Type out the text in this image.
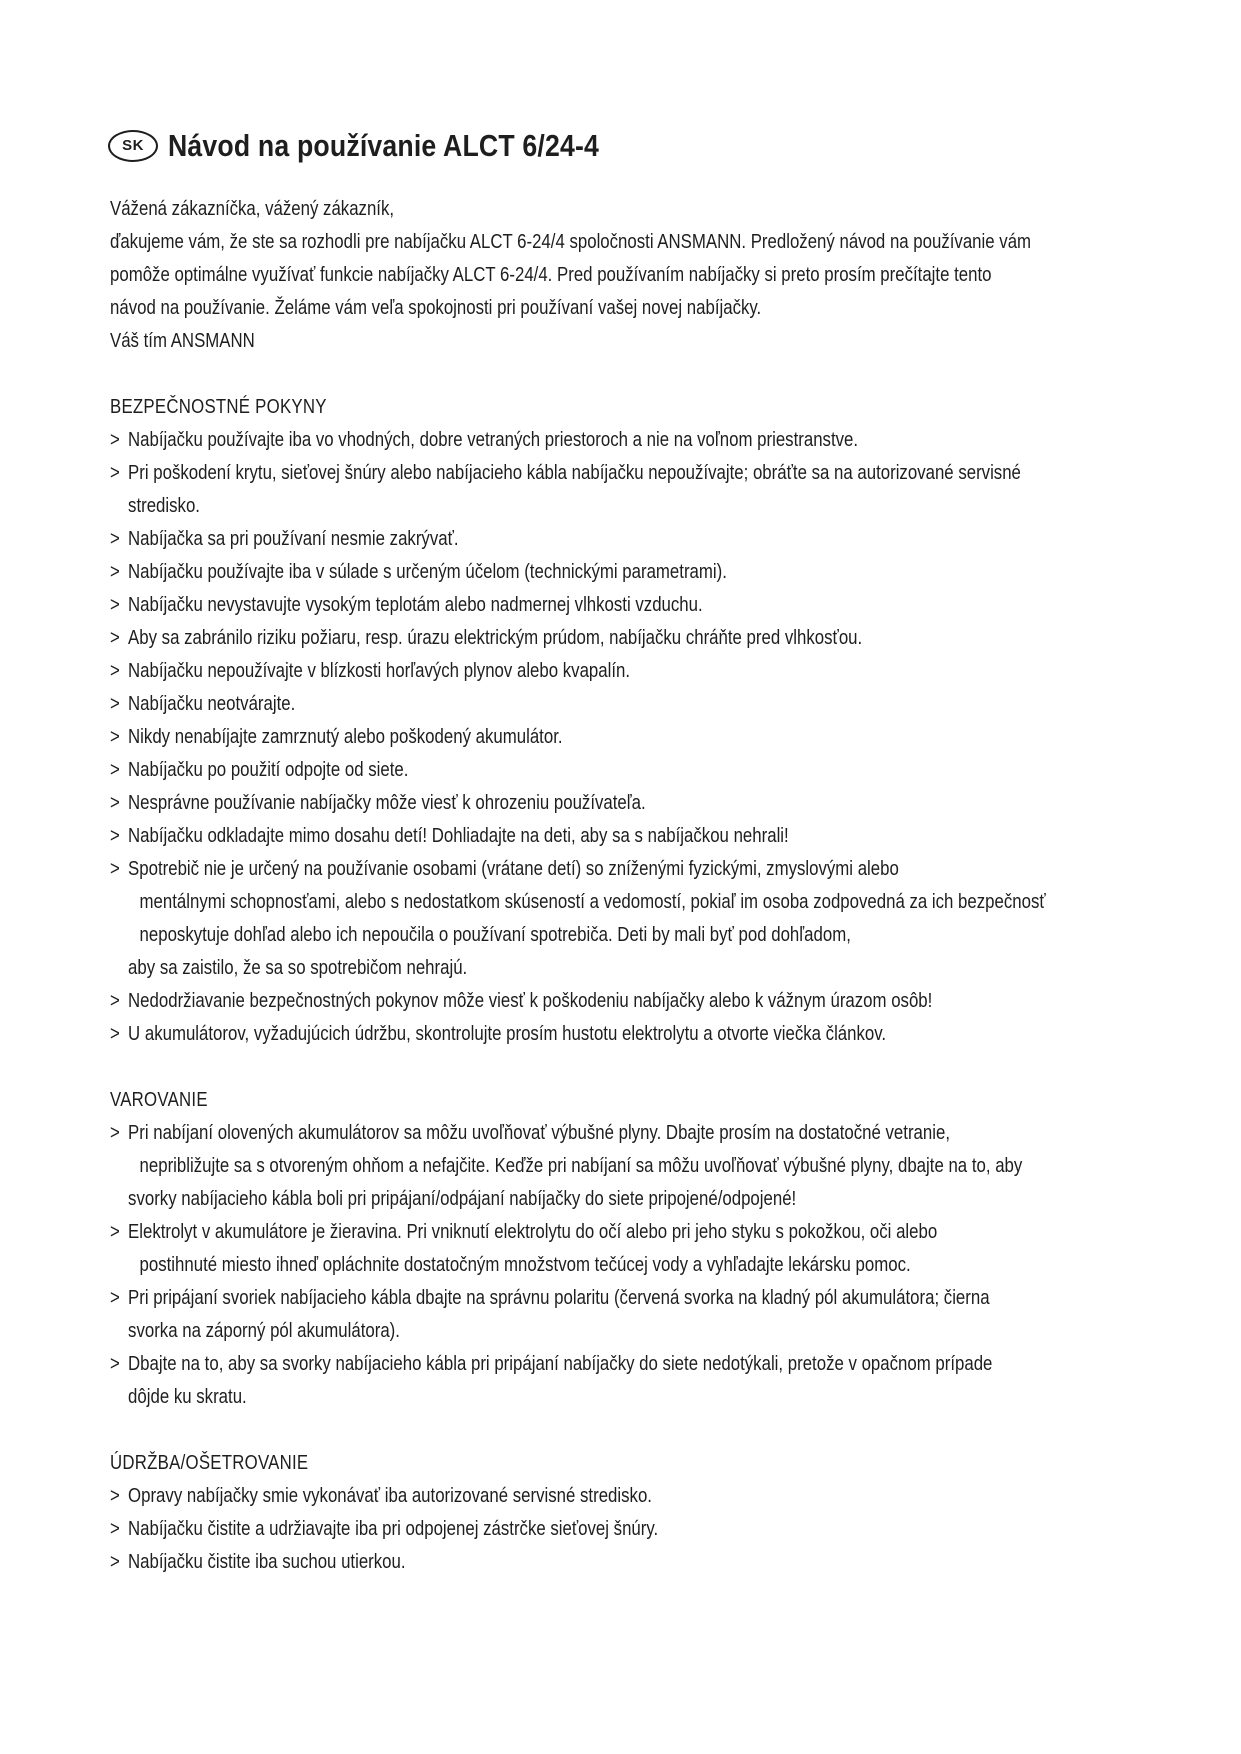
SK Návod na používanie ALCT 6/24-4
Vážená zákazníčka, vážený zákazník,
ďakujeme vám, že ste sa rozhodli pre nabíjačku ALCT 6-24/4 spoločnosti ANSMANN. Predložený návod na používanie vám
pomôže optimálne využívať funkcie nabíjačky ALCT 6-24/4. Pred používaním nabíjačky si preto prosím prečítajte tento
návod na používanie. Želáme vám veľa spokojnosti pri používaní vašej novej nabíjačky.
Váš tím ANSMANN
BEZPEČNOSTNÉ POKYNY
> Nabíjačku používajte iba vo vhodných, dobre vetraných priestoroch a nie na voľnom priestranstve.
> Pri poškodení krytu, sieťovej šnúry alebo nabíjacieho kábla nabíjačku nepoužívajte; obráťte sa na autorizované servisné
stredisko.
> Nabíjačka sa pri používaní nesmie zakrývať.
> Nabíjačku používajte iba v súlade s určeným účelom (technickými parametrami).
> Nabíjačku nevystavujte vysokým teplotám alebo nadmernej vlhkosti vzduchu.
> Aby sa zabránilo riziku požiaru, resp. úrazu elektrickým prúdom, nabíjačku chráňte pred vlhkosťou.
> Nabíjačku nepoužívajte v blízkosti horľavých plynov alebo kvapalín.
> Nabíjačku neotvárajte.
> Nikdy nenabíjajte zamrznutý alebo poškodený akumulátor.
> Nabíjačku po použití odpojte od siete.
> Nesprávne používanie nabíjačky môže viesť k ohrozeniu používateľa.
> Nabíjačku odkladajte mimo dosahu detí! Dohliadajte na deti, aby sa s nabíjačkou nehrali!
> Spotrebič nie je určený na používanie osobami (vrátane detí) so zníženými fyzickými, zmyslovými alebo
mentálnymi schopnosťami, alebo s nedostatkom skúseností a vedomostí, pokiaľ im osoba zodpovedná za ich bezpečnosť
neposkytuje dohľad alebo ich nepoučila o používaní spotrebiča. Deti by mali byť pod dohľadom,
aby sa zaistilo, že sa so spotrebičom nehrajú.
> Nedodržiavanie bezpečnostných pokynov môže viesť k poškodeniu nabíjačky alebo k vážnym úrazom osôb!
> U akumulátorov, vyžadujúcich údržbu, skontrolujte prosím hustotu elektrolytu a otvorte viečka článkov.
VAROVANIE
> Pri nabíjaní olovených akumulátorov sa môžu uvoľňovať výbušné plyny. Dbajte prosím na dostatočné vetranie,
nepribližujte sa s otvoreným ohňom a nefajčite. Keďže pri nabíjaní sa môžu uvoľňovať výbušné plyny, dbajte na to, aby
svorky nabíjacieho kábla boli pri pripájaní/odpájaní nabíjačky do siete pripojené/odpojené!
> Elektrolyt v akumulátore je žieravina. Pri vniknutí elektrolytu do očí alebo pri jeho styku s pokožkou, oči alebo
postihnuté miesto ihneď opláchnite dostatočným množstvom tečúcej vody a vyhľadajte lekársku pomoc.
> Pri pripájaní svoriek nabíjacieho kábla dbajte na správnu polaritu (červená svorka na kladný pól akumulátora; čierna
svorka na záporný pól akumulátora).
> Dbajte na to, aby sa svorky nabíjacieho kábla pri pripájaní nabíjačky do siete nedotýkali, pretože v opačnom prípade
dôjde ku skratu.
ÚDRŽBA/OŠETROVANIE
> Opravy nabíjačky smie vykonávať iba autorizované servisné stredisko.
> Nabíjačku čistite a udržiavajte iba pri odpojenej zástrčke sieťovej šnúry.
> Nabíjačku čistite iba suchou utierkou.
